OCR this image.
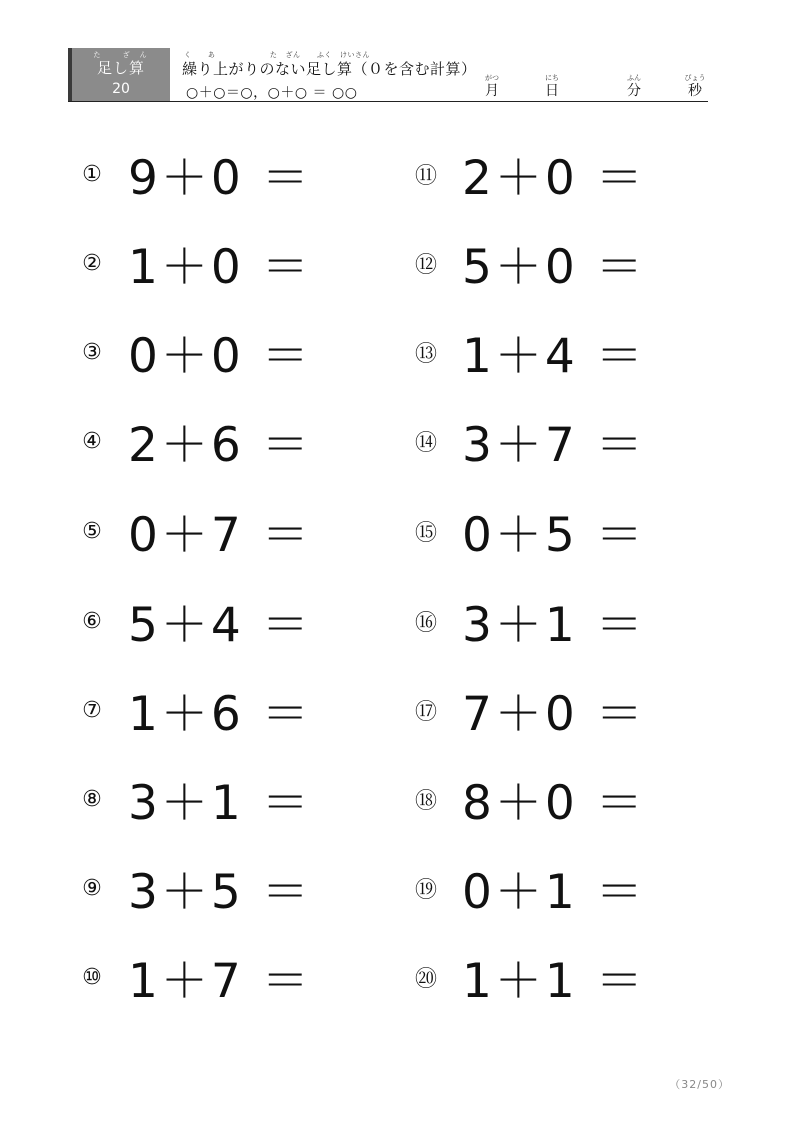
た ざん
足し算
20
く      あ                    た   ざん      ふく   けいさん
繰り上がりのない足し算（０を含む計算）
○＋○＝○，○＋○ ＝ ○○
がつ
月
にち
日
ふん
分
びょう
秒
① 9＋0 ＝
② 1＋0 ＝
③ 0＋0 ＝
④ 2＋6 ＝
⑤ 0＋7 ＝
⑥ 5＋4 ＝
⑦ 1＋6 ＝
⑧ 3＋1 ＝
⑨ 3＋5 ＝
⑩ 1＋7 ＝
⑪ 2＋0 ＝
⑫ 5＋0 ＝
⑬ 1＋4 ＝
⑭ 3＋7 ＝
⑮ 0＋5 ＝
⑯ 3＋1 ＝
⑰ 7＋0 ＝
⑱ 8＋0 ＝
⑲ 0＋1 ＝
⑳ 1＋1 ＝
（32/50）
